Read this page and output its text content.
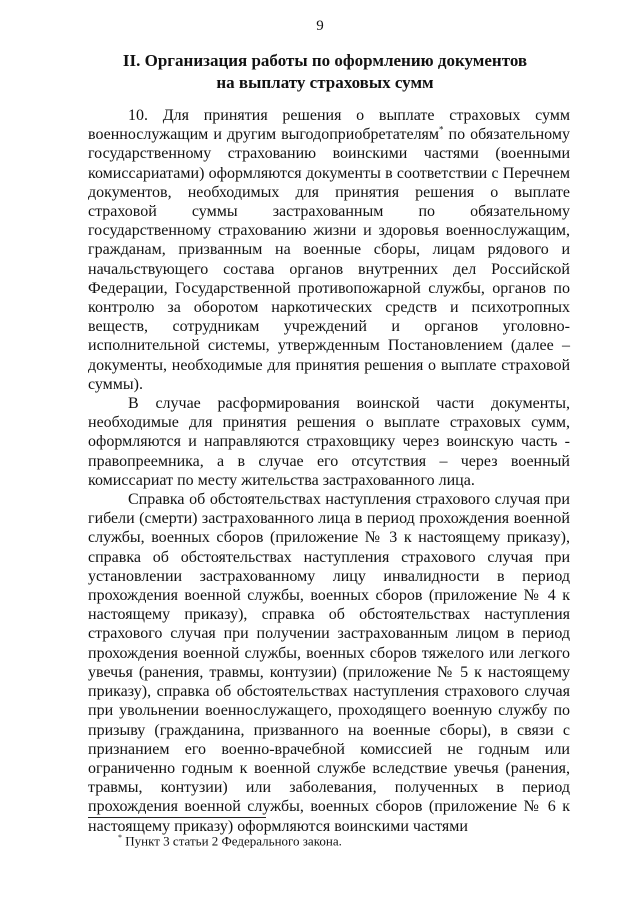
9
II. Организация работы по оформлению документов
на выплату страховых сумм

10. Для принятия решения о выплате страховых сумм военнослужащим и другим выгодоприобретателям* по обязательному государственному страхованию воинскими частями (военными комиссариатами) оформляются документы в соответствии с Перечнем документов, необходимых для принятия решения о выплате страховой суммы застрахованным по обязательному государственному страхованию жизни и здоровья военнослужащим, гражданам, призванным на военные сборы, лицам рядового и начальствующего состава органов внутренних дел Российской Федерации, Государственной противопожарной службы, органов по контролю за оборотом наркотических средств и психотропных веществ, сотрудникам учреждений и органов уголовно-исполнительной системы, утвержденным Постановлением (далее – документы, необходимые для принятия решения о выплате страховой суммы).

В случае расформирования воинской части документы, необходимые для принятия решения о выплате страховых сумм, оформляются и направляются страховщику через воинскую часть - правопреемника, а в случае его отсутствия – через военный комиссариат по месту жительства застрахованного лица.

Справка об обстоятельствах наступления страхового случая при гибели (смерти) застрахованного лица в период прохождения военной службы, военных сборов (приложение № 3 к настоящему приказу), справка об обстоятельствах наступления страхового случая при установлении застрахованному лицу инвалидности в период прохождения военной службы, военных сборов (приложение № 4 к настоящему приказу), справка об обстоятельствах наступления страхового случая при получении застрахованным лицом в период прохождения военной службы, военных сборов тяжелого или легкого увечья (ранения, травмы, контузии) (приложение № 5 к настоящему приказу), справка об обстоятельствах наступления страхового случая при увольнении военнослужащего, проходящего военную службу по призыву (гражданина, призванного на военные сборы), в связи с признанием его военно-врачебной комиссией не годным или ограниченно годным к военной службе вследствие увечья (ранения, травмы, контузии) или заболевания, полученных в период прохождения военной службы, военных сборов (приложение № 6 к настоящему приказу) оформляются воинскими частями

* Пункт 3 статьи 2 Федерального закона.
